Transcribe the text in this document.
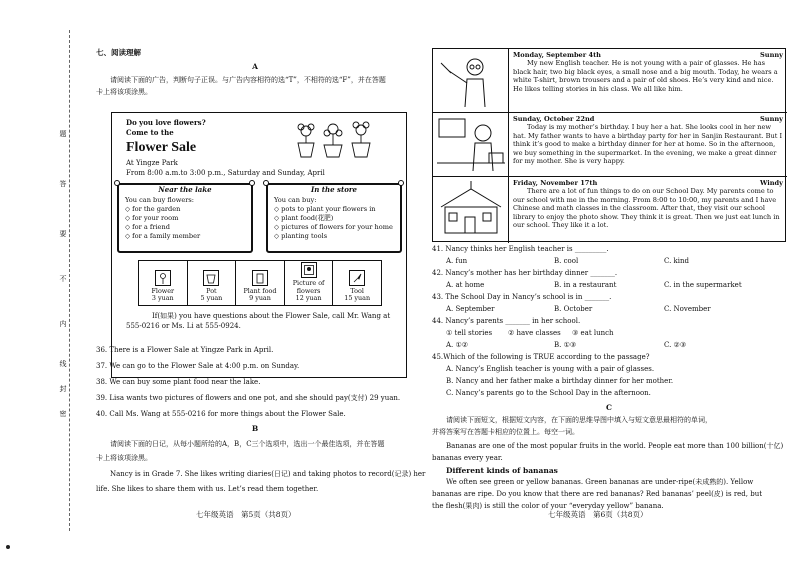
题
答
要
不
内
线
封
密
七、阅读理解
A
请阅读下面的广告，判断句子正误。与广告内容相符的选“T”，不相符的选“F”，并在答题
卡上将该项涂黑。
Do you love flowers?
Come to the
Flower Sale
At Yingze Park
From 8:00 a.m.to 3:00 p.m., Saturday and Sunday, April
Near the lake
You can buy flowers:
◇ for the garden
◇ for your room
◇ for a friend
◇ for a family member
In the store
You can buy:
◇ pots to plant your flowers in
◇ plant food(花肥)
◇ pictures of flowers for your home
◇ planting tools
Flower
3 yuan
Pot
5 yuan
Plant food
9 yuan
Picture of flowers
12 yuan
Tool
15 yuan
If(如果) you have questions about the Flower Sale, call Mr. Wang at
555-0216 or Ms. Li at 555-0924.
36. There is a Flower Sale at Yingze Park in April.
37. We can go to the Flower Sale at 4:00 p.m. on Sunday.
38. We can buy some plant food near the lake.
39. Lisa wants two pictures of flowers and one pot, and she should pay(支付) 29 yuan.
40. Call Ms. Wang at 555-0216 for more things about the Flower Sale.
B
请阅读下面的日记，从每小题所给的A，B，C三个选项中，选出一个最佳选项，并在答题
卡上将该项涂黑。
Nancy is in Grade 7. She likes writing diaries(日记) and taking photos to record(记录) her
life. She likes to share them with us. Let’s read them together.
七年级英语　第5页（共8页）
Monday, September 4th	Sunny

My new English teacher. He is not young with a pair of glasses. He has black hair, two big black eyes, a small nose and a big mouth. Today, he wears a white T-shirt, brown trousers and a pair of old shoes. He’s very kind and nice. He likes telling stories in his class. We all like him.

Sunday, October 22nd	Sunny

Today is my mother’s birthday. I buy her a hat. She looks cool in her new hat. My father wants to have a birthday party for her in Sanjin Restaurant. But I think it’s good to make a birthday dinner for her at home. So in the afternoon, we buy something in the supermarket. In the evening, we make a great dinner for my mother. She is very happy.

Friday, November 17th	Windy

There are a lot of fun things to do on our School Day. My parents come to our school with me in the morning. From 8:00 to 10:00, my parents and I have Chinese and math classes in the classroom. After that, they visit our school library to enjoy the photo show. They think it is great. Then we just eat lunch in our school. They like it a lot.

41. Nancy thinks her English teacher is _________.
A. fun	B. cool	C. kind
42. Nancy’s mother has her birthday dinner _______.
A. at home	B. in a restaurant	C. in the supermarket
43. The School Day in Nancy’s school is in _______.
A. September	B. October	C. November
44. Nancy’s parents _______ in her school.
① tell stories ② have classes ③ eat lunch
A. ①②	B. ①③	C. ②③
45.Which of the following is TRUE according to the passage?
A. Nancy’s English teacher is young with a pair of glasses.
B. Nancy and her father make a birthday dinner for her mother.
C. Nancy’s parents go to the School Day in the afternoon.
C
请阅读下面短文，根据短文内容，在下面的思维导图中填入与短文意思最相符的单词，
并将答案写在答题卡相应的位置上。每空一词。
Bananas are one of the most popular fruits in the world. People eat more than 100 billion(十亿)
bananas every year.
Different kinds of bananas
We often see green or yellow bananas. Green bananas are under-ripe(未成熟的). Yellow
bananas are ripe. Do you know that there are red bananas? Red bananas’ peel(皮) is red, but
the flesh(果肉) is still the color of your “everyday yellow” banana.
七年级英语　第6页（共8页）
